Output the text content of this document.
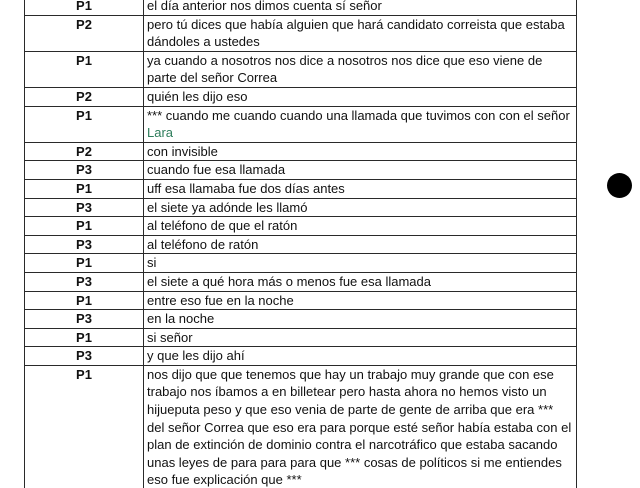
P1	el día anterior nos dimos cuenta sí señor
P2	pero tú dices que había alguien que hará candidato correista que estaba dándoles a ustedes
P1	ya cuando a nosotros nos dice a nosotros nos dice que eso viene de parte del señor Correa
P2	quién les dijo eso
P1	*** cuando me cuando cuando una llamada que tuvimos con con el señor Lara
P2	con invisible
P3	cuando fue esa llamada
P1	uff esa llamaba fue dos días antes
P3	el siete ya adónde les llamó
P1	al teléfono de que el ratón
P3	al teléfono de ratón
P1	si
P3	el siete a qué hora más o menos fue esa llamada
P1	entre eso fue en la noche
P3	en la noche
P1	si señor
P3	y que les dijo ahí
P1	nos dijo que que tenemos que hay un trabajo muy grande que con ese trabajo nos íbamos a en billetear pero hasta ahora no hemos visto un hijueputa peso y que eso venia de parte de gente de arriba que era *** del señor Correa que eso era para porque esté señor había estaba con el plan de extinción de dominio contra el narcotráfico que estaba sacando unas leyes de para para para que *** cosas de políticos si me entiendes eso fue explicación que ***
